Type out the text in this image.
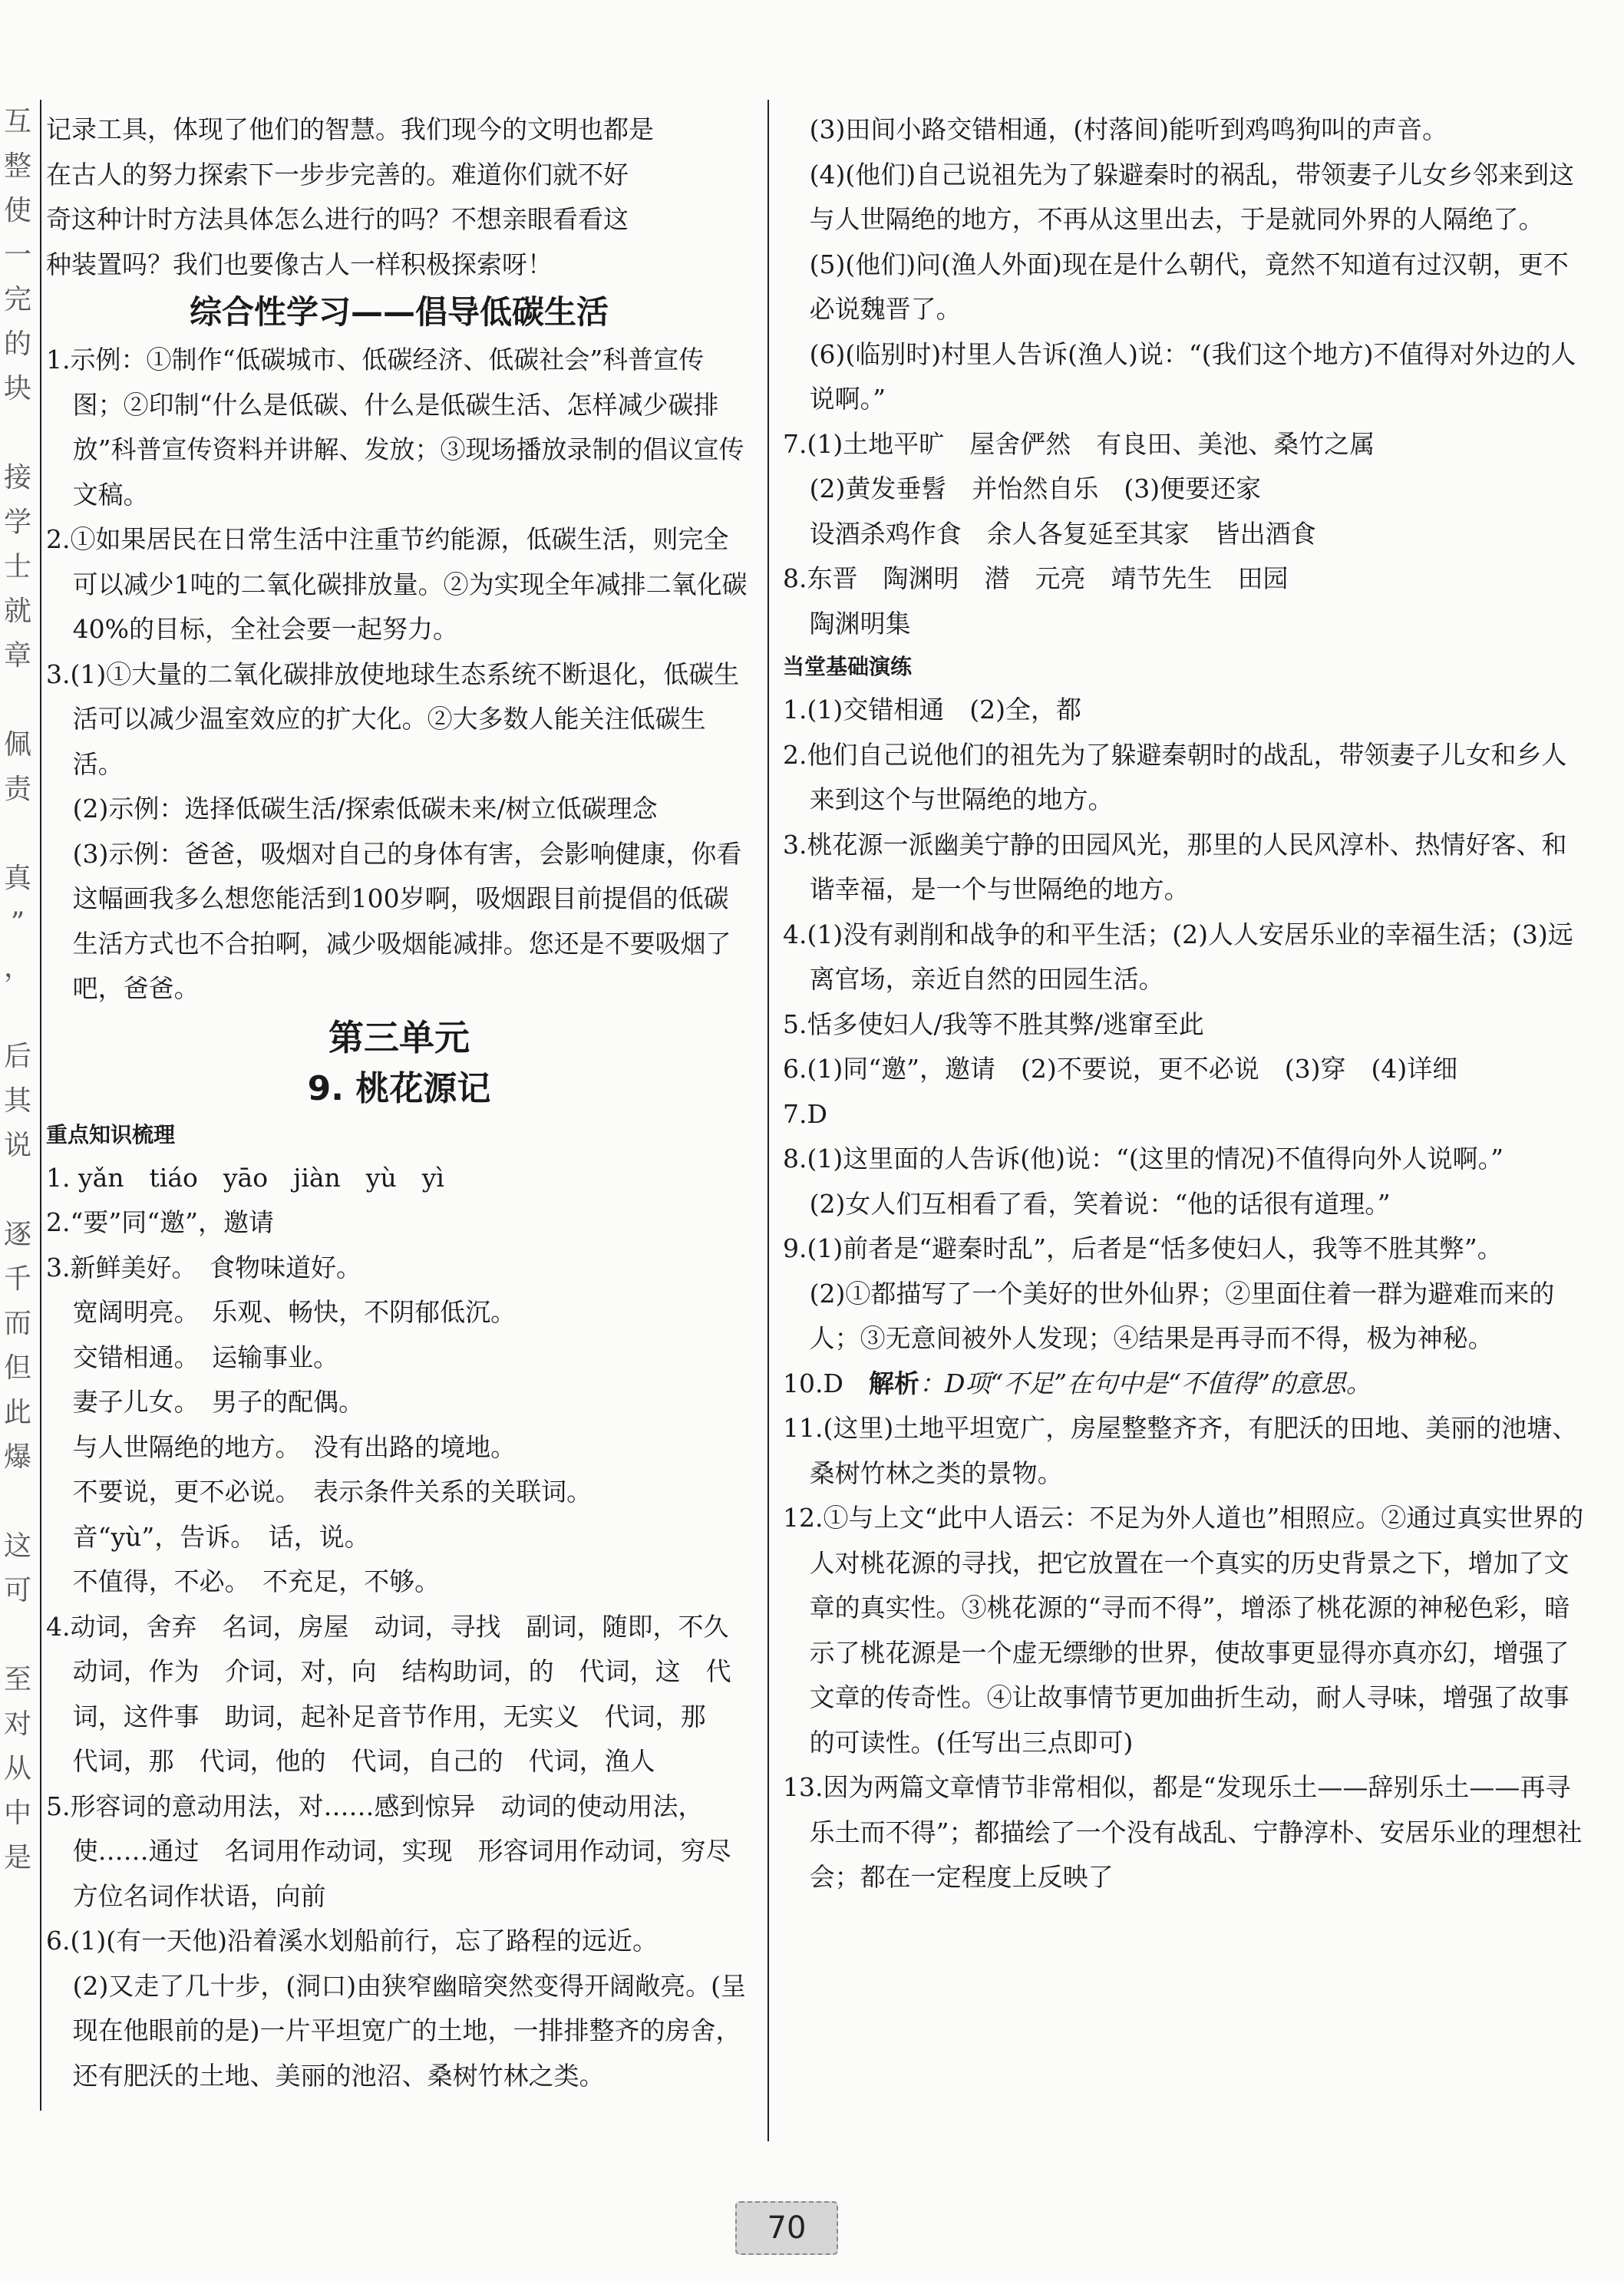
互
整
使
一
完
的
块
接
学
士
就
章
佩
责
真
”
，
后
其
说
逐
千
而
但
此
爆
这
可
至
对
从
中
是

记录工具，体现了他们的智慧。我们现今的文明也都是

在古人的努力探索下一步步完善的。难道你们就不好

奇这种计时方法具体怎么进行的吗？不想亲眼看看这

种装置吗？我们也要像古人一样积极探索呀！

综合性学习——倡导低碳生活

1.示例：①制作“低碳城市、低碳经济、低碳社会”科普宣传图；②印制“什么是低碳、什么是低碳生活、怎样减少碳排放”科普宣传资料并讲解、发放；③现场播放录制的倡议宣传文稿。

2.①如果居民在日常生活中注重节约能源，低碳生活，则完全可以减少1吨的二氧化碳排放量。②为实现全年减排二氧化碳40%的目标，全社会要一起努力。

3.(1)①大量的二氧化碳排放使地球生态系统不断退化，低碳生活可以减少温室效应的扩大化。②大多数人能关注低碳生活。

(2)示例：选择低碳生活/探索低碳未来/树立低碳理念

(3)示例：爸爸，吸烟对自己的身体有害，会影响健康，你看这幅画我多么想您能活到100岁啊，吸烟跟目前提倡的低碳生活方式也不合拍啊，减少吸烟能减排。您还是不要吸烟了吧，爸爸。

第三单元

9. 桃花源记

重点知识梳理

1. yǎn　tiáo　yāo　jiàn　yù　yì

2.“要”同“邀”，邀请

3.新鲜美好。　食物味道好。

宽阔明亮。　乐观、畅快，不阴郁低沉。

交错相通。　运输事业。

妻子儿女。　男子的配偶。

与人世隔绝的地方。　没有出路的境地。

不要说，更不必说。　表示条件关系的关联词。

音“yù”，告诉。　话，说。

不值得，不必。　不充足，不够。

4.动词，舍弃　名词，房屋　动词，寻找　副词，随即，不久　动词，作为　介词，对，向　结构助词，的　代词，这　代词，这件事　助词，起补足音节作用，无实义　代词，那　代词，那　代词，他的　代词，自己的　代词，渔人

5.形容词的意动用法，对……感到惊异　动词的使动用法，使……通过　名词用作动词，实现　形容词用作动词，穷尽　方位名词作状语，向前

6.(1)(有一天他)沿着溪水划船前行，忘了路程的远近。

(2)又走了几十步，(洞口)由狭窄幽暗突然变得开阔敞亮。(呈现在他眼前的是)一片平坦宽广的土地，一排排整齐的房舍，还有肥沃的土地、美丽的池沼、桑树竹林之类。

(3)田间小路交错相通，(村落间)能听到鸡鸣狗叫的声音。

(4)(他们)自己说祖先为了躲避秦时的祸乱，带领妻子儿女乡邻来到这与人世隔绝的地方，不再从这里出去，于是就同外界的人隔绝了。

(5)(他们)问(渔人外面)现在是什么朝代，竟然不知道有过汉朝，更不必说魏晋了。

(6)(临别时)村里人告诉(渔人)说：“(我们这个地方)不值得对外边的人说啊。”

7.(1)土地平旷　屋舍俨然　有良田、美池、桑竹之属

(2)黄发垂髫　并怡然自乐　(3)便要还家

设酒杀鸡作食　余人各复延至其家　皆出酒食

8.东晋　陶渊明　潜　元亮　靖节先生　田园

陶渊明集

当堂基础演练

1.(1)交错相通　(2)全，都

2.他们自己说他们的祖先为了躲避秦朝时的战乱，带领妻子儿女和乡人来到这个与世隔绝的地方。

3.桃花源一派幽美宁静的田园风光，那里的人民风淳朴、热情好客、和谐幸福，是一个与世隔绝的地方。

4.(1)没有剥削和战争的和平生活；(2)人人安居乐业的幸福生活；(3)远离官场，亲近自然的田园生活。

5.恬多使妇人/我等不胜其弊/逃窜至此

6.(1)同“邀”，邀请　(2)不要说，更不必说　(3)穿　(4)详细

7.D

8.(1)这里面的人告诉(他)说：“(这里的情况)不值得向外人说啊。”

(2)女人们互相看了看，笑着说：“他的话很有道理。”

9.(1)前者是“避秦时乱”，后者是“恬多使妇人，我等不胜其弊”。

(2)①都描写了一个美好的世外仙界；②里面住着一群为避难而来的人；③无意间被外人发现；④结果是再寻而不得，极为神秘。

10.D　解析：D项“不足”在句中是“不值得”的意思。

11.(这里)土地平坦宽广，房屋整整齐齐，有肥沃的田地、美丽的池塘、桑树竹林之类的景物。

12.①与上文“此中人语云：不足为外人道也”相照应。②通过真实世界的人对桃花源的寻找，把它放置在一个真实的历史背景之下，增加了文章的真实性。③桃花源的“寻而不得”，增添了桃花源的神秘色彩，暗示了桃花源是一个虚无缥缈的世界，使故事更显得亦真亦幻，增强了文章的传奇性。④让故事情节更加曲折生动，耐人寻味，增强了故事的可读性。(任写出三点即可)

13.因为两篇文章情节非常相似，都是“发现乐土——辞别乐土——再寻乐土而不得”；都描绘了一个没有战乱、宁静淳朴、安居乐业的理想社会；都在一定程度上反映了

70
